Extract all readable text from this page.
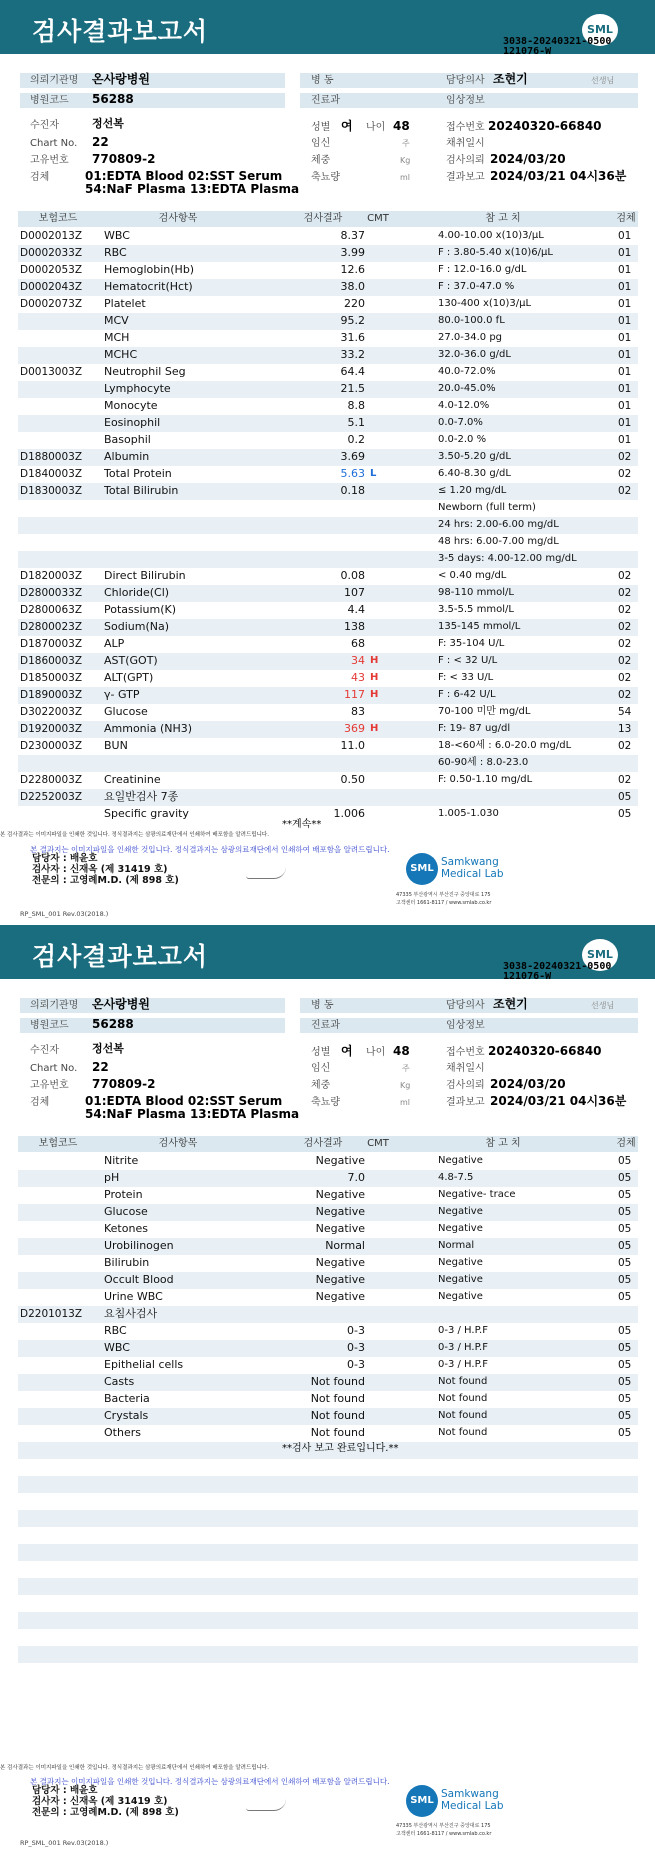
검사결과보고서	SML
3038-20240321-0500
121076-W
의뢰기관명 온사랑병원
병원코드 56288
병 동
진료과
담당의사 조현기	선생님
임상정보
수진자	정선복
Chart No. 22
고유번호 770809-2
검체	01:EDTA Blood 02:SST Serum
54:NaF Plasma 13:EDTA Plasma
성별 여 나이 48
임신	주
체중	Kg
축뇨량	ml
접수번호 20240320-66840
채취일시
검사의뢰 2024/03/20
결과보고 2024/03/21 04시36분
보험코드	검사항목	검사결과	CMT	참 고 치	검체
D0002013Z	WBC	8.37	4.00-10.00 x(10)3/μL	01
D0002033Z	RBC	3.99	F : 3.80-5.40 x(10)6/μL	01
D0002053Z	Hemoglobin(Hb)	12.6	F : 12.0-16.0 g/dL	01
D0002043Z	Hematocrit(Hct)	38.0	F : 37.0-47.0 %	01
D0002073Z	Platelet	220	130-400 x(10)3/μL	01
MCV	95.2	80.0-100.0 fL	01
MCH	31.6	27.0-34.0 pg	01
MCHC	33.2	32.0-36.0 g/dL	01
D0013003Z	Neutrophil Seg	64.4	40.0-72.0%	01
Lymphocyte	21.5	20.0-45.0%	01
Monocyte	8.8	4.0-12.0%	01
Eosinophil	5.1	0.0-7.0%	01
Basophil	0.2	0.0-2.0 %	01
D1880003Z	Albumin	3.69	3.50-5.20 g/dL	02
D1840003Z	Total Protein	5.63 L	6.40-8.30 g/dL	02
D1830003Z	Total Bilirubin	0.18	≤ 1.20 mg/dL	02
Newborn (full term)
24 hrs: 2.00-6.00 mg/dL
48 hrs: 6.00-7.00 mg/dL
3-5 days: 4.00-12.00 mg/dL
D1820003Z	Direct Bilirubin	0.08	< 0.40 mg/dL	02
D2800033Z	Chloride(Cl)	107	98-110 mmol/L	02
D2800063Z	Potassium(K)	4.4	3.5-5.5 mmol/L	02
D2800023Z	Sodium(Na)	138	135-145 mmol/L	02
D1870003Z	ALP	68	F: 35-104 U/L	02
D1860003Z	AST(GOT)	34 H	F : < 32 U/L	02
D1850003Z	ALT(GPT)	43 H	F: < 33 U/L	02
D1890003Z	γ- GTP	117 H	F : 6-42 U/L	02
D3022003Z	Glucose	83	70-100 미만 mg/dL	54
D1920003Z	Ammonia (NH3)	369 H	F: 19- 87 ug/dl	13
D2300003Z	BUN	11.0	18-<60세 : 6.0-20.0 mg/dL	02
60-90세 : 8.0-23.0
D2280003Z	Creatinine	0.50	F: 0.50-1.10 mg/dL	02
D2252003Z	요일반검사 7종	05
Specific gravity	1.006	1.005-1.030	05
**계속**
본 검사결과는 이미지파일을 인쇄한 것입니다. 정식결과지는 삼광의료재단에서 인쇄하여 배포함을 알려드립니다.
본 결과지는 이미지파일을 인쇄한 것입니다. 정식결과지는 삼광의료재단에서 인쇄하여 배포함을 알려드립니다.
담당자 : 배윤호
검사자 : 신재옥 (제 31419 호)
전문의 : 고영례M.D. (제 898 호)
SML
Samkwang
Medical Lab
47335 부산광역시 부산진구 중앙대로 175
고객센터 1661-8117 / www.smlab.co.kr
RP_SML_001 Rev.03(2018.)
검사결과보고서	SML
3038-20240321-0500
121076-W
의뢰기관명 온사랑병원
병원코드 56288
병 동
진료과
담당의사 조현기	선생님
임상정보
수진자	정선복
Chart No. 22
고유번호 770809-2
검체	01:EDTA Blood 02:SST Serum
54:NaF Plasma 13:EDTA Plasma
성별 여 나이 48
임신	주
체중	Kg
축뇨량	ml
접수번호 20240320-66840
채취일시
검사의뢰 2024/03/20
결과보고 2024/03/21 04시36분
보험코드	검사항목	검사결과	CMT	참 고 치	검체
Nitrite	Negative	Negative	05
pH	7.0	4.8-7.5	05
Protein	Negative	Negative- trace	05
Glucose	Negative	Negative	05
Ketones	Negative	Negative	05
Urobilinogen	Normal	Normal	05
Bilirubin	Negative	Negative	05
Occult Blood	Negative	Negative	05
Urine WBC	Negative	Negative	05
D2201013Z	요침사검사
RBC	0-3	0-3 / H.P.F	05
WBC	0-3	0-3 / H.P.F	05
Epithelial cells	0-3	0-3 / H.P.F	05
Casts	Not found	Not found	05
Bacteria	Not found	Not found	05
Crystals	Not found	Not found	05
Others	Not found	Not found	05
**검사 보고 완료입니다.**
본 검사결과는 이미지파일을 인쇄한 것입니다. 정식결과지는 삼광의료재단에서 인쇄하여 배포함을 알려드립니다.
본 결과지는 이미지파일을 인쇄한 것입니다. 정식결과지는 삼광의료재단에서 인쇄하여 배포함을 알려드립니다.
담당자 : 배윤호
검사자 : 신재옥 (제 31419 호)
전문의 : 고영례M.D. (제 898 호)
SML
Samkwang
Medical Lab
47335 부산광역시 부산진구 중앙대로 175
고객센터 1661-8117 / www.smlab.co.kr
RP_SML_001 Rev.03(2018.)
